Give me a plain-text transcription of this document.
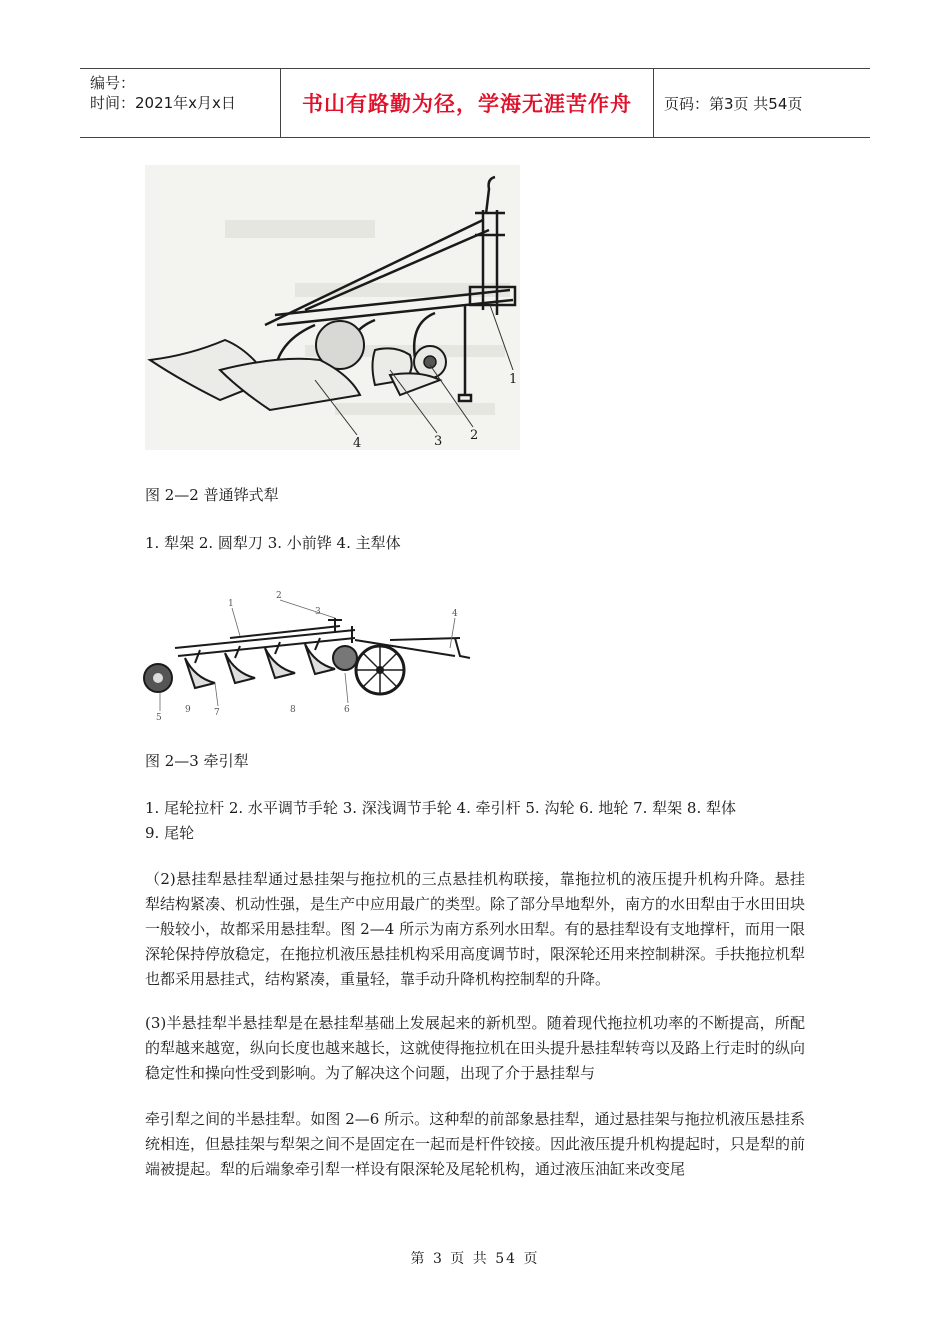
编号：
时间：2021年x月x日	书山有路勤为径，学海无涯苦作舟	页码：第3页 共54页
1
2
3
4
图 2—2 普通铧式犁
1. 犁架 2. 圆犁刀 3. 小前铧 4. 主犁体
1
2
3	4
5
6
7	8
9
图 2—3 牵引犁
1. 尾轮拉杆 2. 水平调节手轮 3. 深浅调节手轮 4. 牵引杆 5. 沟轮 6. 地轮 7. 犁架 8. 犁体
9. 尾轮
（2)悬挂犁悬挂犁通过悬挂架与拖拉机的三点悬挂机构联接，靠拖拉机的液压提升机构升降。悬挂犁结构紧凑、机动性强，是生产中应用最广的类型。除了部分旱地犁外，南方的水田犁由于水田田块一般较小，故都采用悬挂犁。图 2—4 所示为南方系列水田犁。有的悬挂犁设有支地撑杆，而用一限深轮保持停放稳定，在拖拉机液压悬挂机构采用高度调节时，限深轮还用来控制耕深。手扶拖拉机犁也都采用悬挂式，结构紧凑，重量轻，靠手动升降机构控制犁的升降。
(3)半悬挂犁半悬挂犁是在悬挂犁基础上发展起来的新机型。随着现代拖拉机功率的不断提高，所配的犁越来越宽，纵向长度也越来越长，这就使得拖拉机在田头提升悬挂犁转弯以及路上行走时的纵向稳定性和操向性受到影响。为了解决这个问题，出现了介于悬挂犁与
牵引犁之间的半悬挂犁。如图 2—6 所示。这种犁的前部象悬挂犁，通过悬挂架与拖拉机液压悬挂系统相连，但悬挂架与犁架之间不是固定在一起而是杆件铰接。因此液压提升机构提起时，只是犁的前端被提起。犁的后端象牵引犁一样设有限深轮及尾轮机构，通过液压油缸来改变尾
第 3 页 共 54 页
